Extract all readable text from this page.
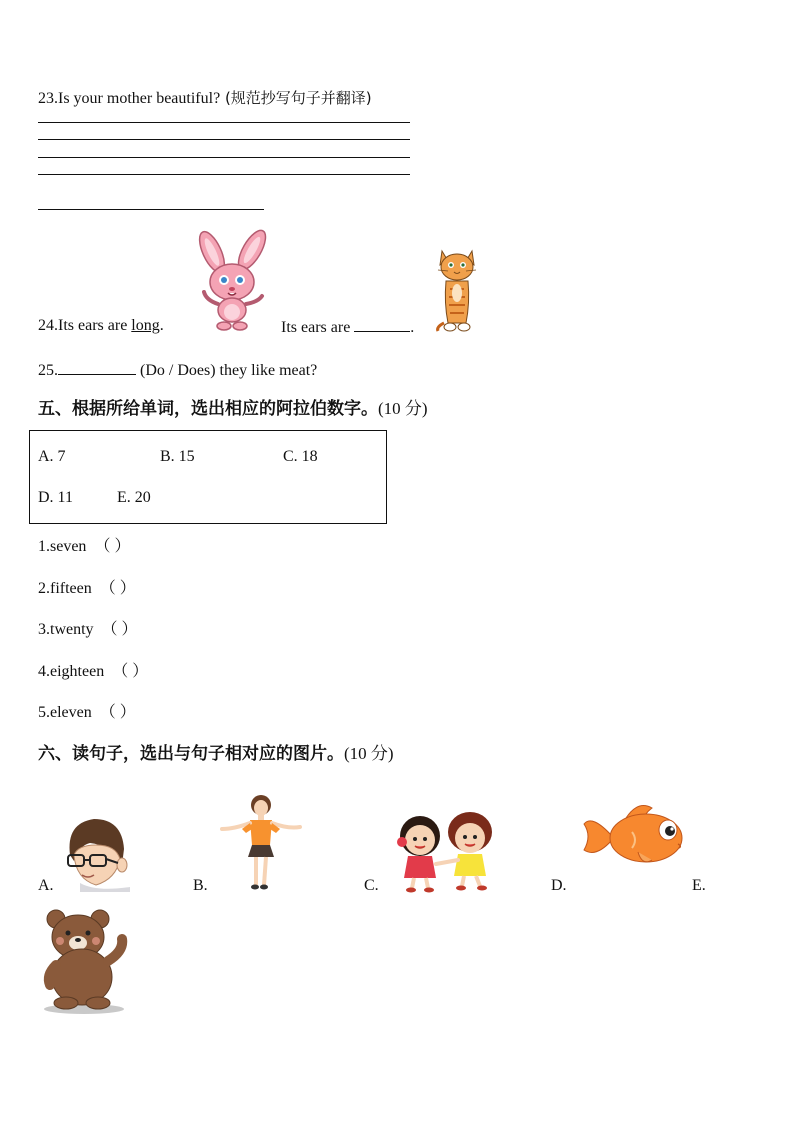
23.Is your mother beautiful? (规范抄写句子并翻译)
24.Its ears are long.	Its ears are	.
25.	(Do / Does) they like meat?
五、根据所给单词，选出相应的阿拉伯数字。(10 分)
A. 7	B. 15	C. 18
D. 11	E. 20
1.seven （ ）
2.fifteen （ ）
3.twenty （ ）
4.eighteen （ ）
5.eleven （ ）
六、读句子，选出与句子相对应的图片。(10 分)
A.	B.	C.	D.	E.
